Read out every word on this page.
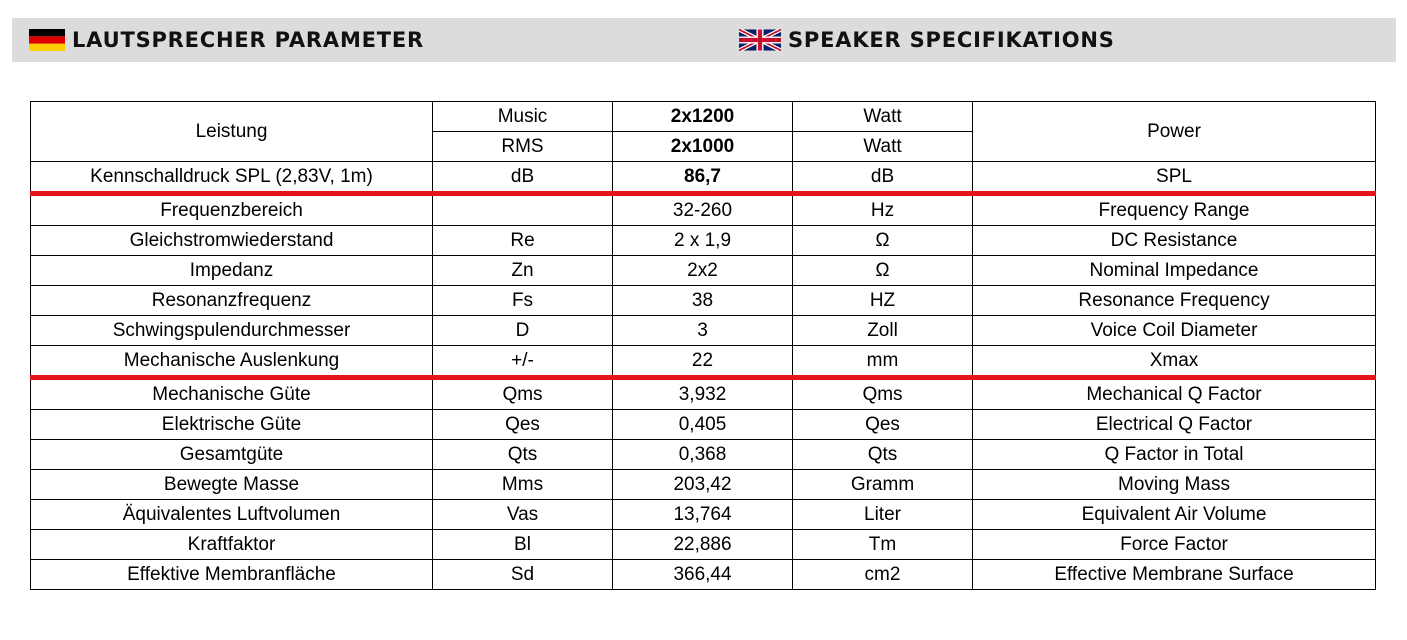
LAUTSPRECHER PARAMETER	SPEAKER SPECIFIKATIONS
Leistung	Music	2x1200	Watt	Power
	RMS	2x1000	Watt	
Kennschalldruck SPL (2,83V, 1m)	dB	86,7	dB	SPL
Frequenzbereich		32-260	Hz	Frequency Range
Gleichstromwiederstand	Re	2 x 1,9	Ω	DC Resistance
Impedanz	Zn	2x2	Ω	Nominal Impedance
Resonanzfrequenz	Fs	38	HZ	Resonance Frequency
Schwingspulendurchmesser	D	3	Zoll	Voice Coil Diameter
Mechanische Auslenkung	+/-	22	mm	Xmax
Mechanische Güte	Qms	3,932	Qms	Mechanical Q Factor
Elektrische Güte	Qes	0,405	Qes	Electrical Q Factor
Gesamtgüte	Qts	0,368	Qts	Q Factor in Total
Bewegte Masse	Mms	203,42	Gramm	Moving Mass
Äquivalentes Luftvolumen	Vas	13,764	Liter	Equivalent Air Volume
Kraftfaktor	Bl	22,886	Tm	Force Factor
Effektive Membranfläche	Sd	366,44	cm2	Effective Membrane Surface
